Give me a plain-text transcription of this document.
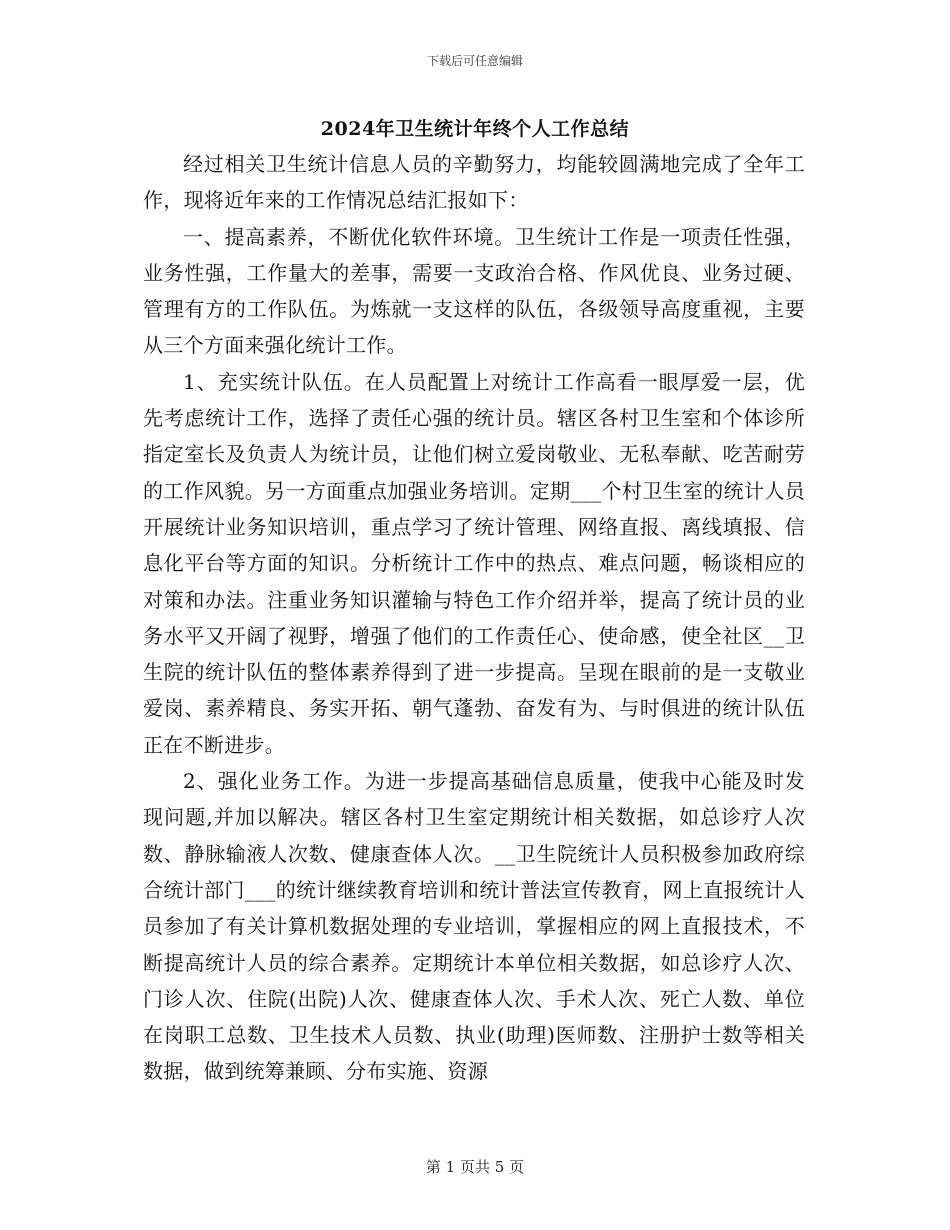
下载后可任意编辑
2024年卫生统计年终个人工作总结

经过相关卫生统计信息人员的辛勤努力，均能较圆满地完成了全年工作，现将近年来的工作情况总结汇报如下：

一、提高素养，不断优化软件环境。卫生统计工作是一项责任性强，业务性强，工作量大的差事，需要一支政治合格、作风优良、业务过硬、管理有方的工作队伍。为炼就一支这样的队伍，各级领导高度重视，主要从三个方面来强化统计工作。

1、充实统计队伍。在人员配置上对统计工作高看一眼厚爱一层，优先考虑统计工作，选择了责任心强的统计员。辖区各村卫生室和个体诊所指定室长及负责人为统计员，让他们树立爱岗敬业、无私奉献、吃苦耐劳的工作风貌。另一方面重点加强业务培训。定期___个村卫生室的统计人员开展统计业务知识培训，重点学习了统计管理、网络直报、离线填报、信息化平台等方面的知识。分析统计工作中的热点、难点问题，畅谈相应的对策和办法。注重业务知识灌输与特色工作介绍并举，提高了统计员的业务水平又开阔了视野，增强了他们的工作责任心、使命感，使全社区__卫生院的统计队伍的整体素养得到了进一步提高。呈现在眼前的是一支敬业爱岗、素养精良、务实开拓、朝气蓬勃、奋发有为、与时俱进的统计队伍正在不断进步。

2、强化业务工作。为进一步提高基础信息质量，使我中心能及时发现问题,并加以解决。辖区各村卫生室定期统计相关数据，如总诊疗人次数、静脉输液人次数、健康查体人次。__卫生院统计人员积极参加政府综合统计部门___的统计继续教育培训和统计普法宣传教育，网上直报统计人员参加了有关计算机数据处理的专业培训，掌握相应的网上直报技术，不断提高统计人员的综合素养。定期统计本单位相关数据，如总诊疗人次、门诊人次、住院(出院)人次、健康查体人次、手术人次、死亡人数、单位在岗职工总数、卫生技术人员数、执业(助理)医师数、注册护士数等相关数据，做到统筹兼顾、分布实施、资源

第 1 页共 5 页
